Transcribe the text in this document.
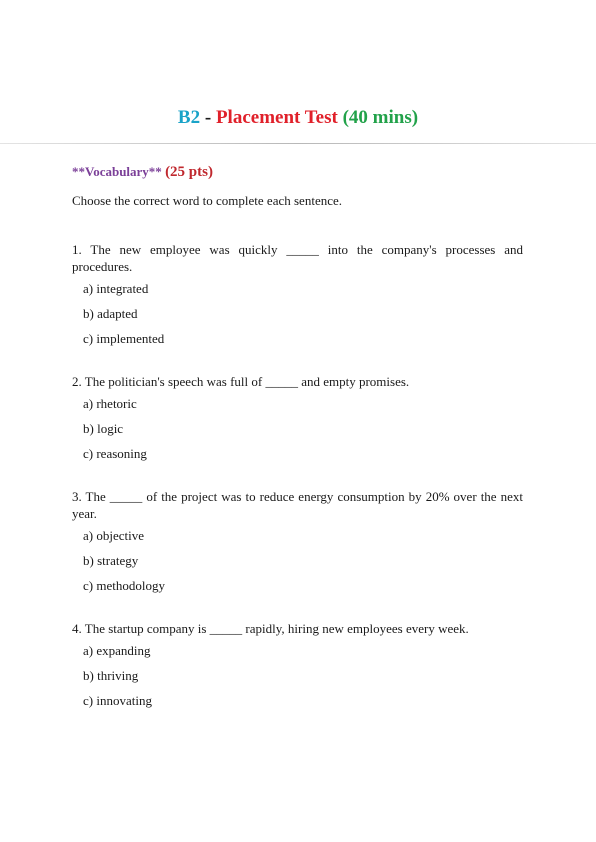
B2 - Placement Test (40 mins)
**Vocabulary** (25 pts)
Choose the correct word to complete each sentence.
1. The new employee was quickly _____ into the company's processes and procedures.
a) integrated
b) adapted
c) implemented
2. The politician's speech was full of _____ and empty promises.
a) rhetoric
b) logic
c) reasoning
3. The _____ of the project was to reduce energy consumption by 20% over the next year.
a) objective
b) strategy
c) methodology
4. The startup company is _____ rapidly, hiring new employees every week.
a) expanding
b) thriving
c) innovating
